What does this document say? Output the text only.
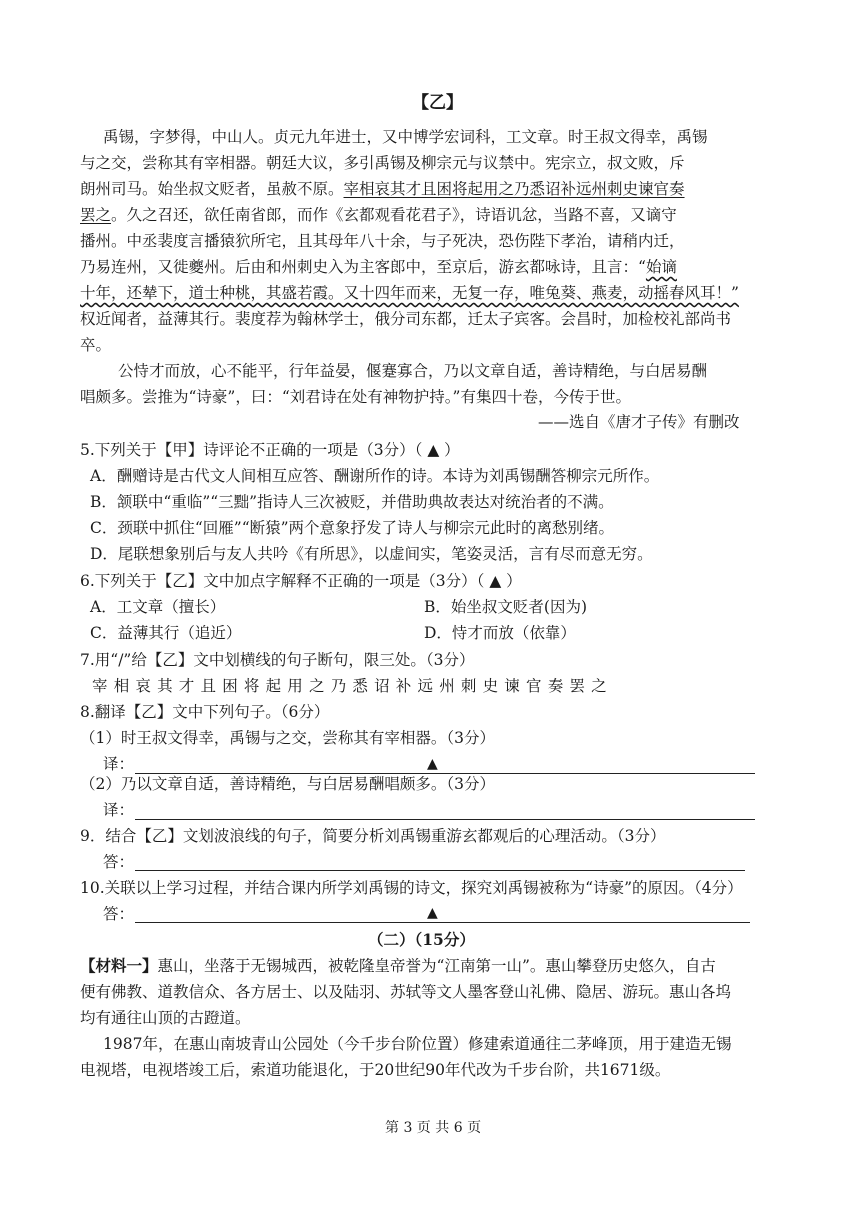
【乙】
禹锡，字梦得，中山人。贞元九年进士，又中博学宏词科，工文章。时王叔文得幸，禹锡
与之交，尝称其有宰相器。朝廷大议，多引禹锡及柳宗元与议禁中。宪宗立，叔文败，斥
朗州司马。始坐叔文贬者，虽赦不原。宰相哀其才且困将起用之乃悉诏补远州刺史谏官奏
罢之。久之召还，欲任南省郎，而作《玄都观看花君子》，诗语讥忿，当路不喜，又谪守
播州。中丞裴度言播猿狖所宅，且其母年八十余，与子死决，恐伤陛下孝治，请稍内迁，
乃易连州，又徙夔州。后由和州刺史入为主客郎中，至京后，游玄都咏诗，且言：“始谪
十年，还辇下，道士种桃，其盛若霞。又十四年而来，无复一存，唯兔葵、燕麦，动摇春风耳！”
权近闻者，益薄其行。裴度荐为翰林学士，俄分司东都，迁太子宾客。会昌时，加检校礼部尚书
卒。
公恃才而放，心不能平，行年益晏，偃蹇寡合，乃以文章自适，善诗精绝，与白居易酬
唱颇多。尝推为“诗豪”，曰：“刘君诗在处有神物护持。”有集四十卷，今传于世。
——选自《唐才子传》有删改
5.下列关于【甲】诗评论不正确的一项是（3分）（ ▲ ）
A．酬赠诗是古代文人间相互应答、酬谢所作的诗。本诗为刘禹锡酬答柳宗元所作。
B．颔联中“重临”“三黜”指诗人三次被贬，并借助典故表达对统治者的不满。
C．颈联中抓住“回雁”“断猿”两个意象抒发了诗人与柳宗元此时的离愁别绪。
D．尾联想象别后与友人共吟《有所思》，以虚间实，笔姿灵活，言有尽而意无穷。
6.下列关于【乙】文中加点字解释不正确的一项是（3分）（ ▲ ）
A．工文章（擅长）	B．始坐叔文贬者(因为)
C．益薄其行（追近）	D．恃才而放（依靠）
7.用“/”给【乙】文中划横线的句子断句，限三处。（3分）
宰相哀其才且困将起用之乃悉诏补远州刺史谏官奏罢之
8.翻译【乙】文中下列句子。（6分）
（1）时王叔文得幸，禹锡与之交，尝称其有宰相器。（3分）
译：	▲
（2）乃以文章自适，善诗精绝，与白居易酬唱颇多。（3分）
译：
9．结合【乙】文划波浪线的句子，简要分析刘禹锡重游玄都观后的心理活动。（3分）
答：
10.关联以上学习过程，并结合课内所学刘禹锡的诗文，探究刘禹锡被称为“诗豪”的原因。（4分）
答：	▲
（二）（15分）
【材料一】惠山，坐落于无锡城西，被乾隆皇帝誉为“江南第一山”。惠山攀登历史悠久，自古
便有佛教、道教信众、各方居士、以及陆羽、苏轼等文人墨客登山礼佛、隐居、游玩。惠山各坞
均有通往山顶的古蹬道。
1987年，在惠山南坡青山公园处（今千步台阶位置）修建索道通往二茅峰顶，用于建造无锡
电视塔，电视塔竣工后，索道功能退化，于20世纪90年代改为千步台阶，共1671级。
第 3 页 共 6 页
